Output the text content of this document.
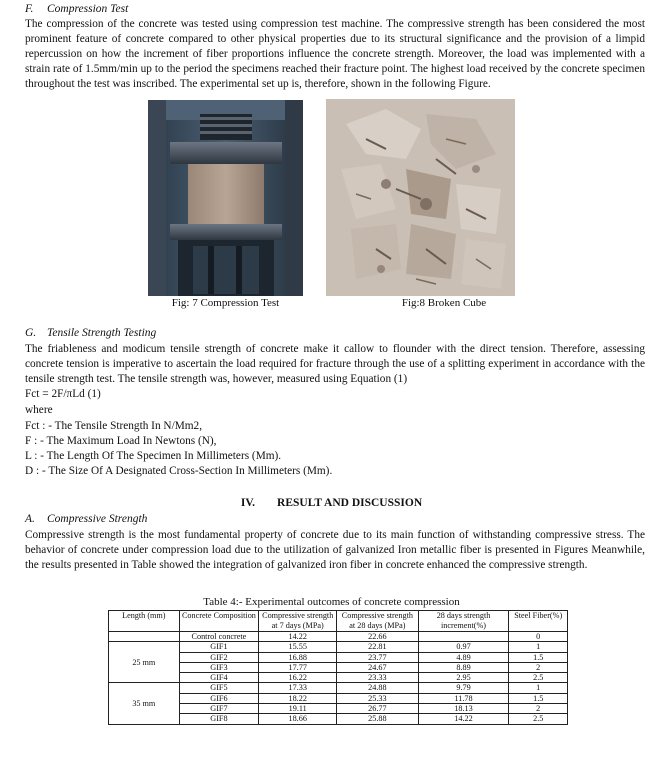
F. Compression Test

The compression of the concrete was tested using compression test machine. The compressive strength has been considered the most prominent feature of concrete compared to other physical properties due to its structural significance and the provision of a limpid repercussion on how the increment of fiber proportions influence the concrete strength. Moreover, the load was implemented with a strain rate of 1.5mm/min up to the period the specimens reached their fracture point. The highest load received by the concrete specimen throughout the test was inscribed. The experimental set up is, therefore, shown in the following Figure.

Fig: 7 Compression Test	Fig:8 Broken Cube
G. Tensile Strength Testing

The friableness and modicum tensile strength of concrete make it callow to flounder with the direct tension. Therefore, assessing concrete tension is imperative to ascertain the load required for fracture through the use of a splitting experiment in accordance with the tensile strength test. The tensile strength was, however, measured using Equation (1)

Fct = 2F/πLd (1)
where
Fct : - The Tensile Strength In N/Mm2,
F : - The Maximum Load In Newtons (N),
L : - The Length Of The Specimen In Millimeters (Mm).
D : - The Size Of A Designated Cross-Section In Millimeters (Mm).
IV. RESULT AND DISCUSSION
A. Compressive Strength

Compressive strength is the most fundamental property of concrete due to its main function of withstanding compressive stress. The behavior of concrete under compression load due to the utilization of galvanized Iron metallic fiber is presented in Figures Meanwhile, the results presented in Table showed the integration of galvanized iron fiber in concrete enhanced the compressive strength.

Table 4:- Experimental outcomes of concrete compression
Length (mm)	Concrete Composition	Compressive strength at 7 days (MPa)	Compressive strength at 28 days (MPa)	28 days strength increment(%)	Steel Fiber(%)
	Control concrete	14.22	22.66		0
25 mm	GIF1	15.55	22.81	0.97	1
	GIF2	16.88	23.77	4.89	1.5
	GIF3	17.77	24.67	8.89	2
	GIF4	16.22	23.33	2.95	2.5
35 mm	GIF5	17.33	24.88	9.79	1
	GIF6	18.22	25.33	11.78	1.5
	GIF7	19.11	26.77	18.13	2
	GIF8	18.66	25.88	14.22	2.5
